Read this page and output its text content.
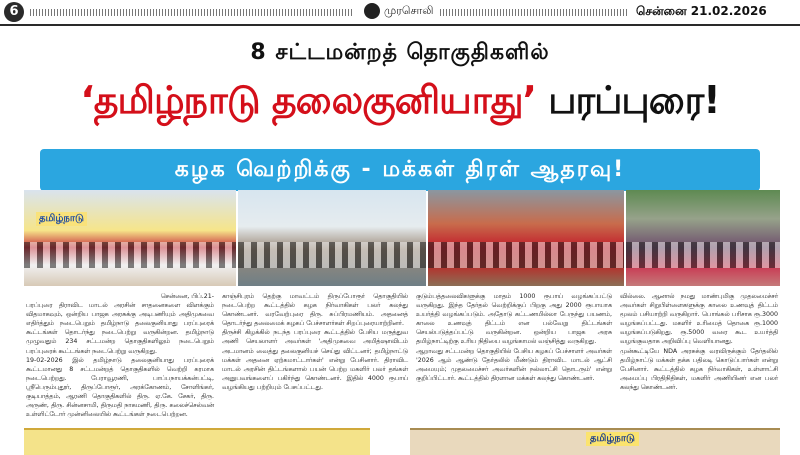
6	முரசொலி	சென்னை 21.02.2026
8 சட்டமன்றத் தொகுதிகளில்
‘தமிழ்நாடு தலைகுனியாது’ பரப்புரை!
கழக வெற்றிக்கு - மக்கள் திரள் ஆதரவு!
தமிழ்நாடு

சென்னை, பிப்.21-

பரப்புரை திராவிட மாடல் அரசின் சாதனைகளை விளக்கும் விதமாகவும், ஒன்றிய பாஜக அரசுக்கு அடிபணியும் அதிமுகவை எதிர்த்தும் நடைபெறும் தமிழ்நாடு தலைகுனியாது பரப்புரைக் கூட்டங்கள் தொடர்ந்து நடைபெற்று வருகின்றன. தமிழ்நாடு முழுவதும் 234 சட்டமன்ற தொகுதிகளிலும் நடைபெறும் பரப்புரைக் கூட்டங்கள் நடைபெற்று வருகிறது.

19-02-2026 இல் தமிழ்நாடு தலைகுனியாது பரப்புரைக் கூட்டமானது 8 சட்டமன்றத் தொகுதிகளில் வெற்றி கரமாக நடைபெற்றது. பேராவூரணி, பாப்பநாயக்கன்பட்டி, ஸ்ரீபெரும்புதூர், திருப்போரூர், அரக்கோணம், சோளிங்கர், குடியாத்தம், ஆரணி தொகுதிகளில் திரு. ஏ.கே. சேகர், திரு. அருண், திரு. சின்னசாமி, திருமதி நாகமணி, திரு. கலைச்செல்வன் உள்ளிட்டோர் முன்னிலையில் கூட்டங்கள் நடைபெற்றன.

காஞ்சிபுரம் தெற்கு மாவட்டம் திருப்போரூர் தொகுதியில் நடைபெற்ற கூட்டத்தில் கழக நிர்வாகிகள் பலர் கலந்து கொண்டனர். வரவேற்புரை திரு. சுப்பிரமணியம். அதனைத் தொடர்ந்து தலைமைக் கழகப் பேச்சாளர்கள் சிறப்புரையாற்றினர்.

திருச்சி கிழக்கில் நடந்த பரப்புரை கூட்டத்தில் பேசிய மருத்துவ அணி செயலாளர் அவர்கள் 'அதிமுகவை அமித்ஷாவிடம் அடமானம் வைத்து தலைகுனியச் செய்து விட்டனர்; தமிழ்நாட்டு மக்கள் அதனை ஏற்கமாட்டார்கள்' என்று பேசினார். திராவிட மாடல் அரசின் திட்டங்களால் பயன் பெற்ற மகளிர் பலர் தங்கள் அனுபவங்களைப் பகிர்ந்து கொண்டனர். இதில் 4000 ரூபாய் வழங்கியது பற்றியும் பேசப்பட்டது.

குடும்பத்தலைவிகளுக்கு மாதம் 1000 ரூபாய் வழங்கப்பட்டு வருகிறது. இந்த தேர்தல் வெற்றிக்குப் பிறகு அது 2000 ரூபாயாக உயர்த்தி வழங்கப்படும். அதோடு கட்டணமில்லா பேருந்து பயணம், காலை உணவுத் திட்டம் என பல்வேறு திட்டங்கள் செயல்படுத்தப்பட்டு வருகின்றன. ஒன்றிய பாஜக அரசு தமிழ்நாட்டிற்கு உரிய நிதியை வழங்காமல் வஞ்சித்து வருகிறது.

ஆறாவது சட்டமன்ற தொகுதியில் பேசிய கழகப் பேச்சாளர் அவர்கள் '2026 ஆம் ஆண்டு தேர்தலில் மீண்டும் திராவிட மாடல் ஆட்சி அமையும்; முதலமைச்சர் அவர்களின் நல்லாட்சி தொடரும்' என்று குறிப்பிட்டார். கூட்டத்தில் திரளான மக்கள் கலந்து கொண்டனர்.

வில்லை. ஆனால் நமது மாண்புமிகு முதலமைச்சர் அவர்கள் சிறுபிள்ளைகளுக்கு காலை உணவுத் திட்டம் மூலம் பசியாற்றி வருகிறார். பொங்கல் பரிசாக ரூ.3000 வழங்கப்பட்டது. மகளிர் உரிமைத் தொகை ரூ.1000 வழங்கப்படுகிறது. ரூ.5000 வரை கூட உயர்த்தி வழங்குவதாக அறிவிப்பு வெளியானது.

முன்கூட்டியே NDA அரசுக்கு வரவிருக்கும் தேர்தலில் தமிழ்நாட்டு மக்கள் தக்க பதிலடி கொடுப்பார்கள் என்று பேசினார். கூட்டத்தில் கழக நிர்வாகிகள், உள்ளாட்சி அமைப்பு பிரதிநிதிகள், மகளிர் அணியினர் என பலர் கலந்து கொண்டனர்.

தமிழ்நாடு
